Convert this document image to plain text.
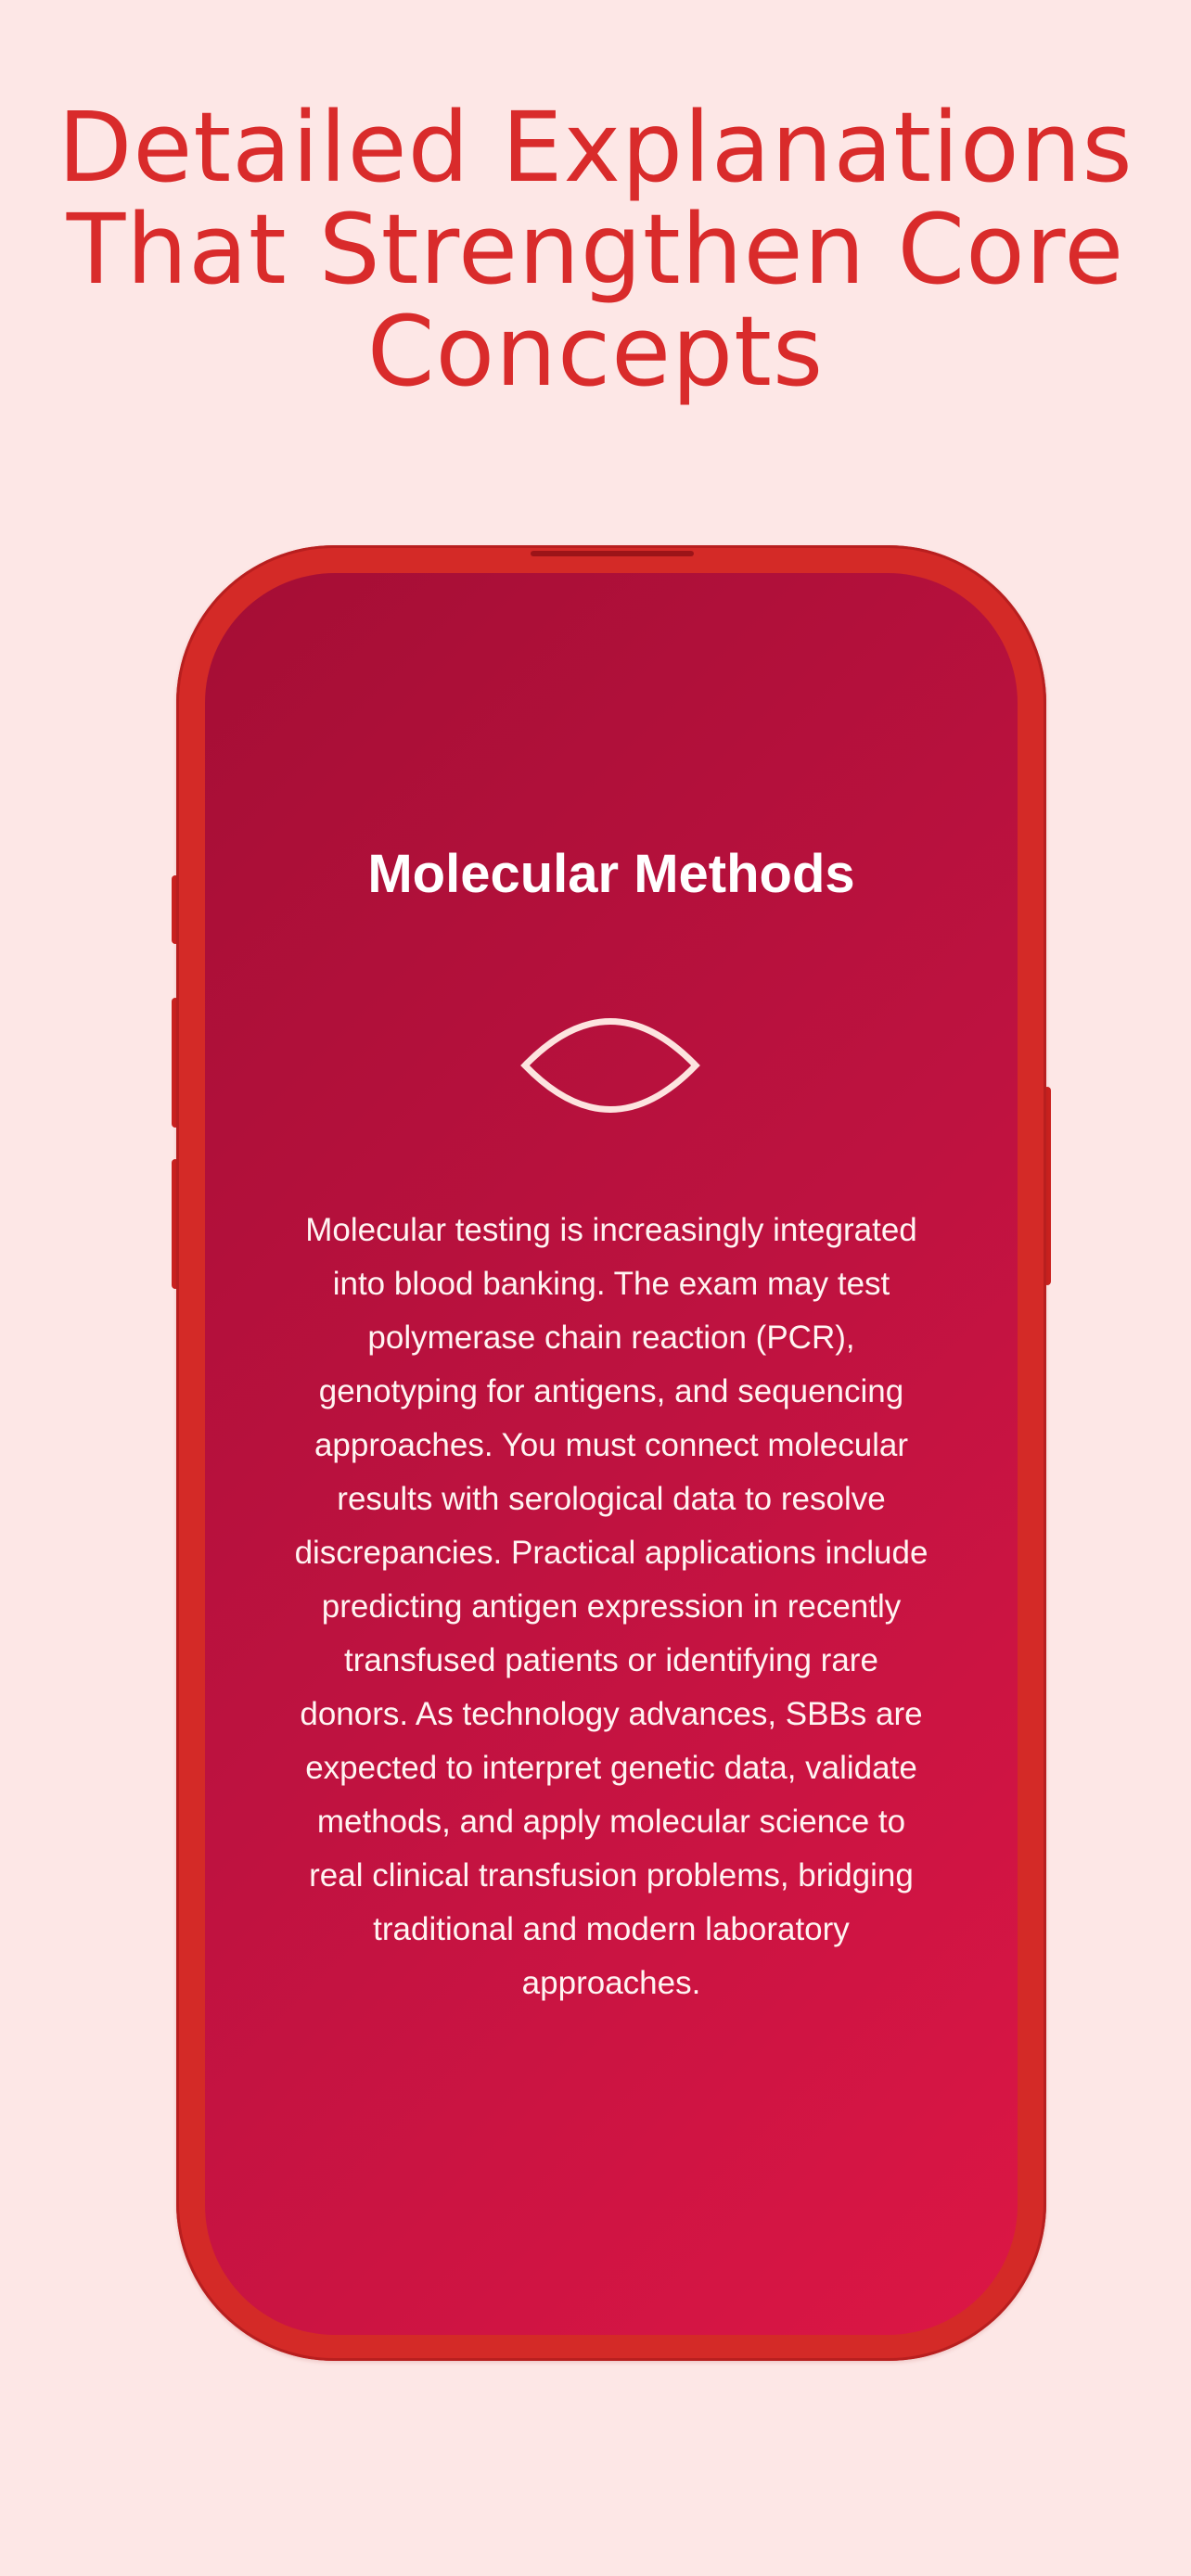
Detailed Explanations That Strengthen Core Concepts
Molecular Methods

Molecular testing is increasingly integrated into blood banking. The exam may test polymerase chain reaction (PCR), genotyping for antigens, and sequencing approaches. You must connect molecular results with serological data to resolve discrepancies. Practical applications include predicting antigen expression in recently transfused patients or identifying rare donors. As technology advances, SBBs are expected to interpret genetic data, validate methods, and apply molecular science to real clinical transfusion problems, bridging traditional and modern laboratory approaches.
